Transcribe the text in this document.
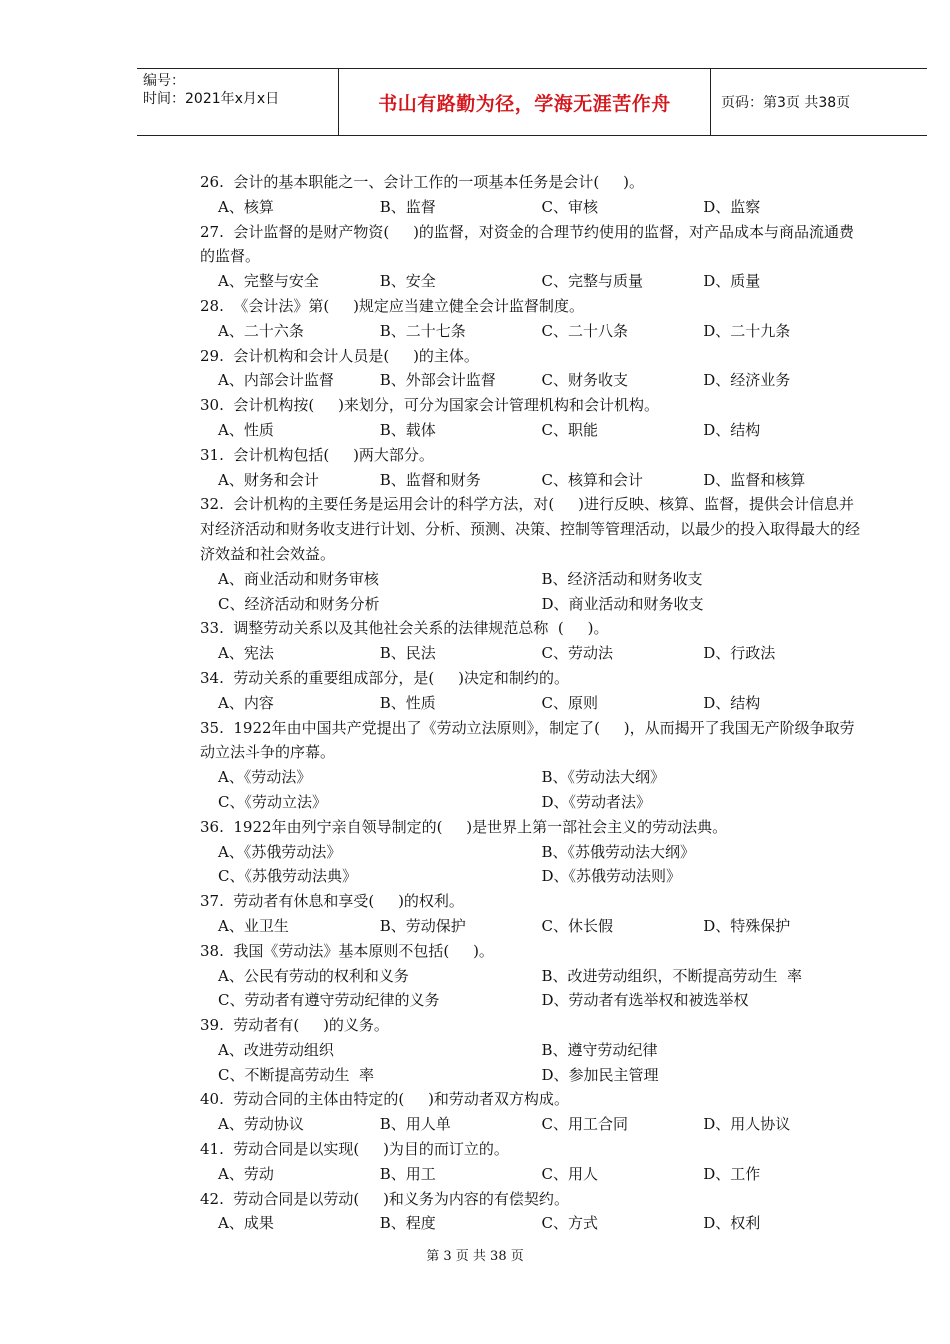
编号：
时间：2021年x月x日	书山有路勤为径，学海无涯苦作舟	页码：第3页 共38页
26.  会计的基本职能之一、会计工作的一项基本任务是会计(     )。
A、核算	B、监督	C、审核	D、监察
27.  会计监督的是财产物资(     )的监督，对资金的合理节约使用的监督，对产品成本与商品流通费的监督。
A、完整与安全	B、安全	C、完整与质量	D、质量
28.  《会计法》第(     )规定应当建立健全会计监督制度。
A、二十六条	B、二十七条	C、二十八条	D、二十九条
29.  会计机构和会计人员是(     )的主体。
A、内部会计监督	B、外部会计监督	C、财务收支	D、经济业务
30.  会计机构按(     )来划分，可分为国家会计管理机构和会计机构。
A、性质	B、载体	C、职能	D、结构
31.  会计机构包括(     )两大部分。
A、财务和会计	B、监督和财务	C、核算和会计	D、监督和核算
32.  会计机构的主要任务是运用会计的科学方法，对(     )进行反映、核算、监督，提供会计信息并对经济活动和财务收支进行计划、分析、预测、决策、控制等管理活动，以最少的投入取得最大的经济效益和社会效益。
A、商业活动和财务审核	B、经济活动和财务收支
C、经济活动和财务分析	D、商业活动和财务收支
33.  调整劳动关系以及其他社会关系的法律规范总称  (     )。
A、宪法	B、民法	C、劳动法	D、行政法
34.  劳动关系的重要组成部分，是(     )决定和制约的。
A、内容	B、性质	C、原则	D、结构
35.  1922年由中国共产党提出了《劳动立法原则》，制定了(     )，从而揭开了我国无产阶级争取劳动立法斗争的序幕。
A、《劳动法》	B、《劳动法大纲》
C、《劳动立法》	D、《劳动者法》
36.  1922年由列宁亲自领导制定的(     )是世界上第一部社会主义的劳动法典。
A、《苏俄劳动法》	B、《苏俄劳动法大纲》
C、《苏俄劳动法典》	D、《苏俄劳动法则》
37.  劳动者有休息和享受(     )的权利。
A、业卫生	B、劳动保护	C、休长假	D、特殊保护
38.  我国《劳动法》基本原则不包括(     )。
A、公民有劳动的权利和义务	B、改进劳动组织，不断提高劳动生  率
C、劳动者有遵守劳动纪律的义务	D、劳动者有选举权和被选举权
39.  劳动者有(     )的义务。
A、改进劳动组织	B、遵守劳动纪律
C、不断提高劳动生  率	D、参加民主管理
40.  劳动合同的主体由特定的(     )和劳动者双方构成。
A、劳动协议	B、用人单	C、用工合同	D、用人协议
41.  劳动合同是以实现(     )为目的而订立的。
A、劳动	B、用工	C、用人	D、工作
42.  劳动合同是以劳动(     )和义务为内容的有偿契约。
A、成果	B、程度	C、方式	D、权利
第 3 页 共 38 页
